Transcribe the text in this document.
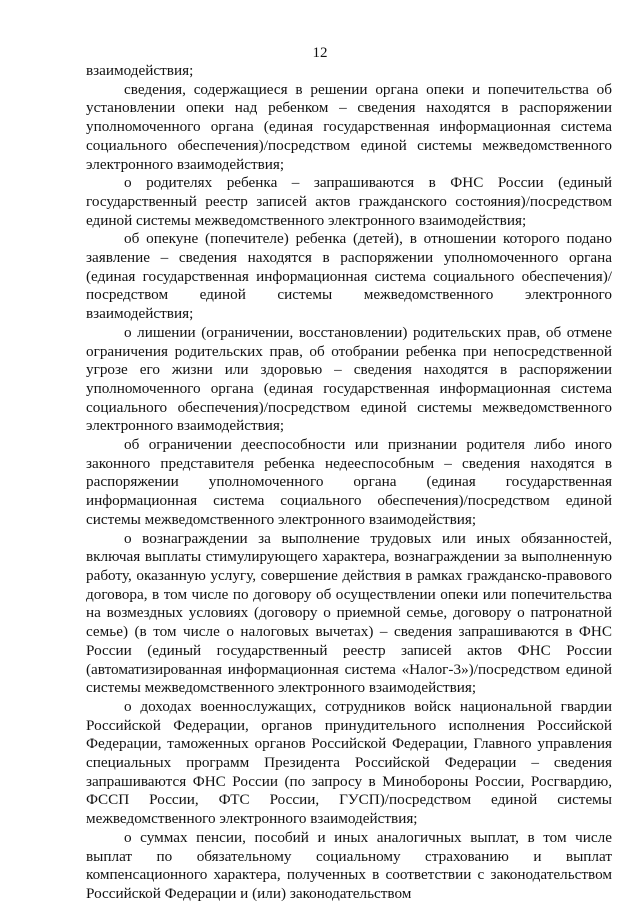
12

взаимодействия;

сведения, содержащиеся в решении органа опеки и попечительства об установлении опеки над ребенком – сведения находятся в распоряжении уполномоченного органа (единая государственная информационная система социального обеспечения)/посредством единой системы межведомственного электронного взаимодействия;

о родителях ребенка – запрашиваются в ФНС России (единый государственный реестр записей актов гражданского состояния)/посредством единой системы межведомственного электронного взаимодействия;

об опекуне (попечителе) ребенка (детей), в отношении которого подано заявление – сведения находятся в распоряжении уполномоченного органа (единая государственная информационная система социального обеспечения)/посредством единой системы межведомственного электронного взаимодействия;

о лишении (ограничении, восстановлении) родительских прав, об отмене ограничения родительских прав, об отобрании ребенка при непосредственной угрозе его жизни или здоровью – сведения находятся в распоряжении уполномоченного органа (единая государственная информационная система социального обеспечения)/посредством единой системы межведомственного электронного взаимодействия;

об ограничении дееспособности или признании родителя либо иного законного представителя ребенка недееспособным – сведения находятся в распоряжении уполномоченного органа (единая государственная информационная система социального обеспечения)/посредством единой системы межведомственного электронного взаимодействия;

о вознаграждении за выполнение трудовых или иных обязанностей, включая выплаты стимулирующего характера, вознаграждении за выполненную работу, оказанную услугу, совершение действия в рамках гражданско-правового договора, в том числе по договору об осуществлении опеки или попечительства на возмездных условиях (договору о приемной семье, договору о патронатной семье) (в том числе о налоговых вычетах) – сведения запрашиваются в ФНС России (единый государственный реестр записей актов ФНС России (автоматизированная информационная система «Налог-3»)/посредством единой системы межведомственного электронного взаимодействия;

о доходах военнослужащих, сотрудников войск национальной гвардии Российской Федерации, органов принудительного исполнения Российской Федерации, таможенных органов Российской Федерации, Главного управления специальных программ Президента Российской Федерации – сведения запрашиваются ФНС России (по запросу в Минобороны России, Росгвардию, ФССП России, ФТС России, ГУСП)/посредством единой системы межведомственного электронного взаимодействия;

о суммах пенсии, пособий и иных аналогичных выплат, в том числе выплат по обязательному социальному страхованию и выплат компенсационного характера, полученных в соответствии с законодательством Российской Федерации и (или) законодательством
